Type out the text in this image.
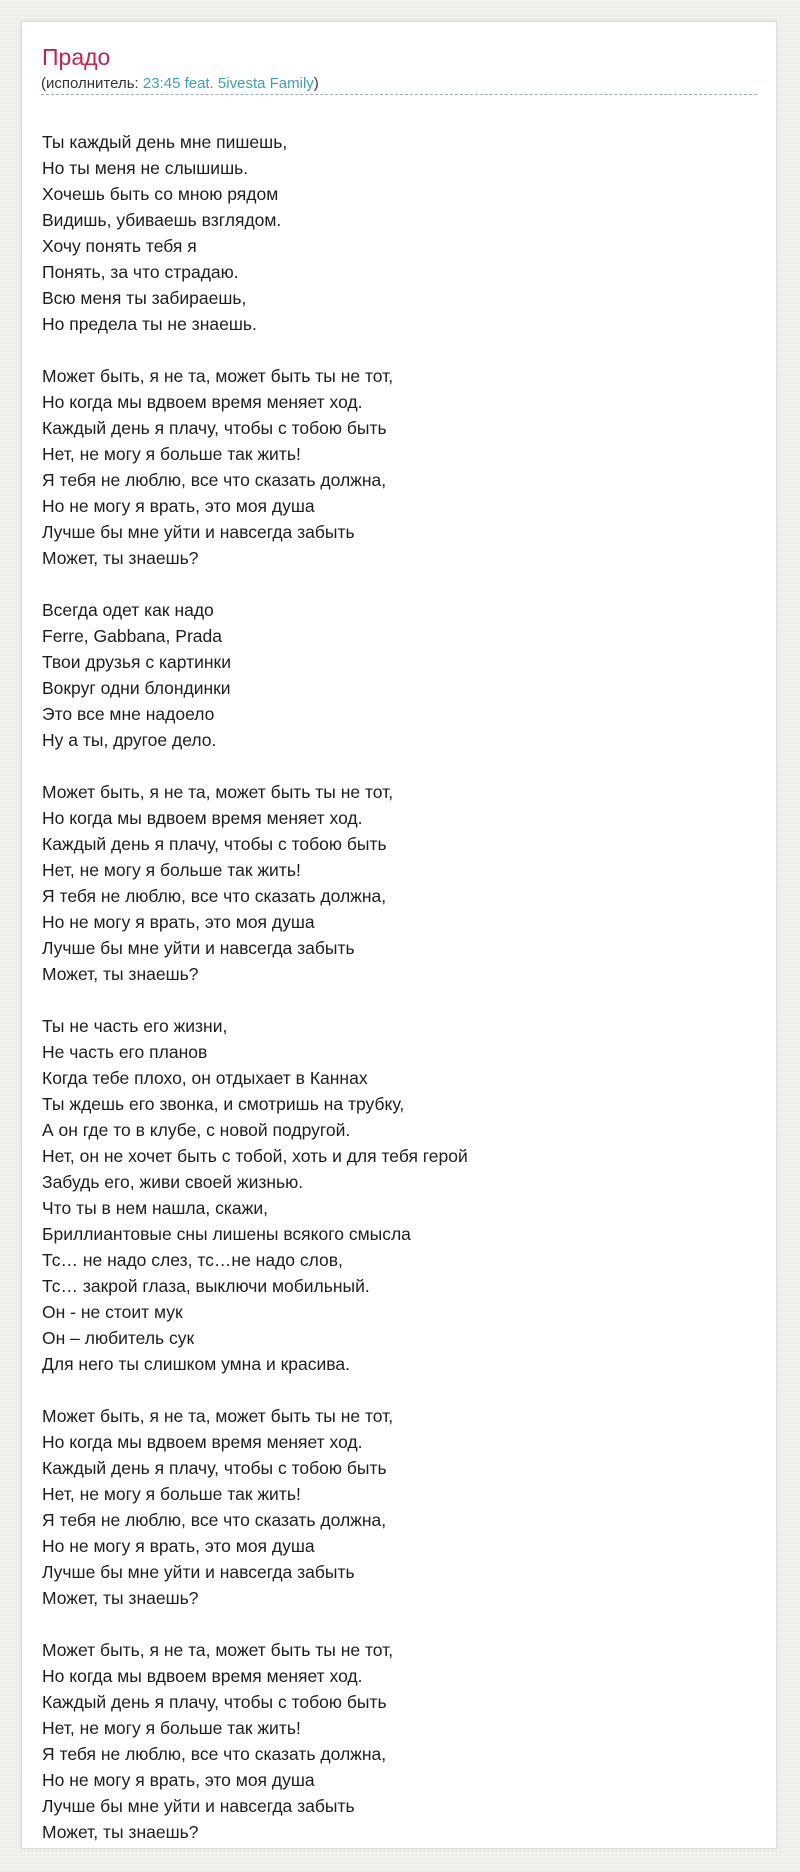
Прадо
(исполнитель: 23:45 feat. 5ivesta Family)
Ты каждый день мне пишешь,
Но ты меня не слышишь.
Хочешь быть со мною рядом
Видишь, убиваешь взглядом.
Хочу понять тебя я
Понять, за что страдаю.
Всю меня ты забираешь,
Но предела ты не знаешь.
Может быть, я не та, может быть ты не тот,
Но когда мы вдвоем время меняет ход.
Каждый день я плачу, чтобы с тобою быть
Нет, не могу я больше так жить!
Я тебя не люблю, все что сказать должна,
Но не могу я врать, это моя душа
Лучше бы мне уйти и навсегда забыть
Может, ты знаешь?
Всегда одет как надо
Ferre, Gabbana, Prada
Твои друзья с картинки
Вокруг одни блондинки
Это все мне надоело
Ну а ты, другое дело.
Может быть, я не та, может быть ты не тот,
Но когда мы вдвоем время меняет ход.
Каждый день я плачу, чтобы с тобою быть
Нет, не могу я больше так жить!
Я тебя не люблю, все что сказать должна,
Но не могу я врать, это моя душа
Лучше бы мне уйти и навсегда забыть
Может, ты знаешь?
Ты не часть его жизни,
Не часть его планов
Когда тебе плохо, он отдыхает в Каннах
Ты ждешь его звонка, и смотришь на трубку,
А он где то в клубе, с новой подругой.
Нет, он не хочет быть с тобой, хоть и для тебя герой
Забудь его, живи своей жизнью.
Что ты в нем нашла, скажи,
Бриллиантовые сны лишены всякого смысла
Тс… не надо слез, тс…не надо слов,
Тс… закрой глаза, выключи мобильный.
Он - не стоит мук
Он – любитель сук
Для него ты слишком умна и красива.
Может быть, я не та, может быть ты не тот,
Но когда мы вдвоем время меняет ход.
Каждый день я плачу, чтобы с тобою быть
Нет, не могу я больше так жить!
Я тебя не люблю, все что сказать должна,
Но не могу я врать, это моя душа
Лучше бы мне уйти и навсегда забыть
Может, ты знаешь?
Может быть, я не та, может быть ты не тот,
Но когда мы вдвоем время меняет ход.
Каждый день я плачу, чтобы с тобою быть
Нет, не могу я больше так жить!
Я тебя не люблю, все что сказать должна,
Но не могу я врать, это моя душа
Лучше бы мне уйти и навсегда забыть
Может, ты знаешь?
